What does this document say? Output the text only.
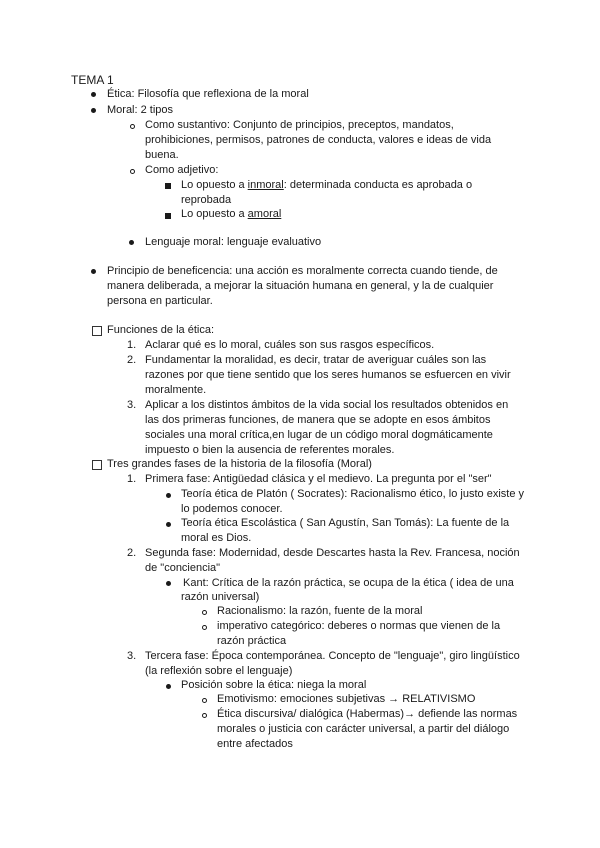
TEMA 1
Ética: Filosofía que reflexiona de la moral
Moral: 2 tipos
Como sustantivo: Conjunto de principios, preceptos, mandatos,
prohibiciones, permisos, patrones de conducta, valores e ideas de vida
buena.
Como adjetivo:
Lo opuesto a inmoral: determinada conducta es aprobada o
reprobada
Lo opuesto a amoral
Lenguaje moral: lenguaje evaluativo
Principio de beneficencia: una acción es moralmente correcta cuando tiende, de
manera deliberada, a mejorar la situación humana en general, y la de cualquier
persona en particular.
Funciones de la ética:
1. Aclarar qué es lo moral, cuáles son sus rasgos específicos.
2. Fundamentar la moralidad, es decir, tratar de averiguar cuáles son las
razones por que tiene sentido que los seres humanos se esfuercen en vivir
moralmente.
3. Aplicar a los distintos ámbitos de la vida social los resultados obtenidos en
las dos primeras funciones, de manera que se adopte en esos ámbitos
sociales una moral crítica,en lugar de un código moral dogmáticamente
impuesto o bien la ausencia de referentes morales.
Tres grandes fases de la historia de la filosofía (Moral)
1. Primera fase: Antigüedad clásica y el medievo. La pregunta por el "ser"
Teoría ética de Platón ( Socrates): Racionalismo ético, lo justo existe y
lo podemos conocer.
Teoría ética Escolástica ( San Agustín, San Tomás): La fuente de la
moral es Dios.
2. Segunda fase: Modernidad, desde Descartes hasta la Rev. Francesa, noción
de "conciencia"
Kant: Crítica de la razón práctica, se ocupa de la ética ( idea de una
razón universal)
Racionalismo: la razón, fuente de la moral
imperativo categórico: deberes o normas que vienen de la
razón práctica
3. Tercera fase: Época contemporánea. Concepto de "lenguaje", giro lingüístico
(la reflexión sobre el lenguaje)
Posición sobre la ética: niega la moral
Emotivismo: emociones subjetivas → RELATIVISMO
Ética discursiva/ dialógica (Habermas)→ defiende las normas
morales o justicia con carácter universal, a partir del diálogo
entre afectados
